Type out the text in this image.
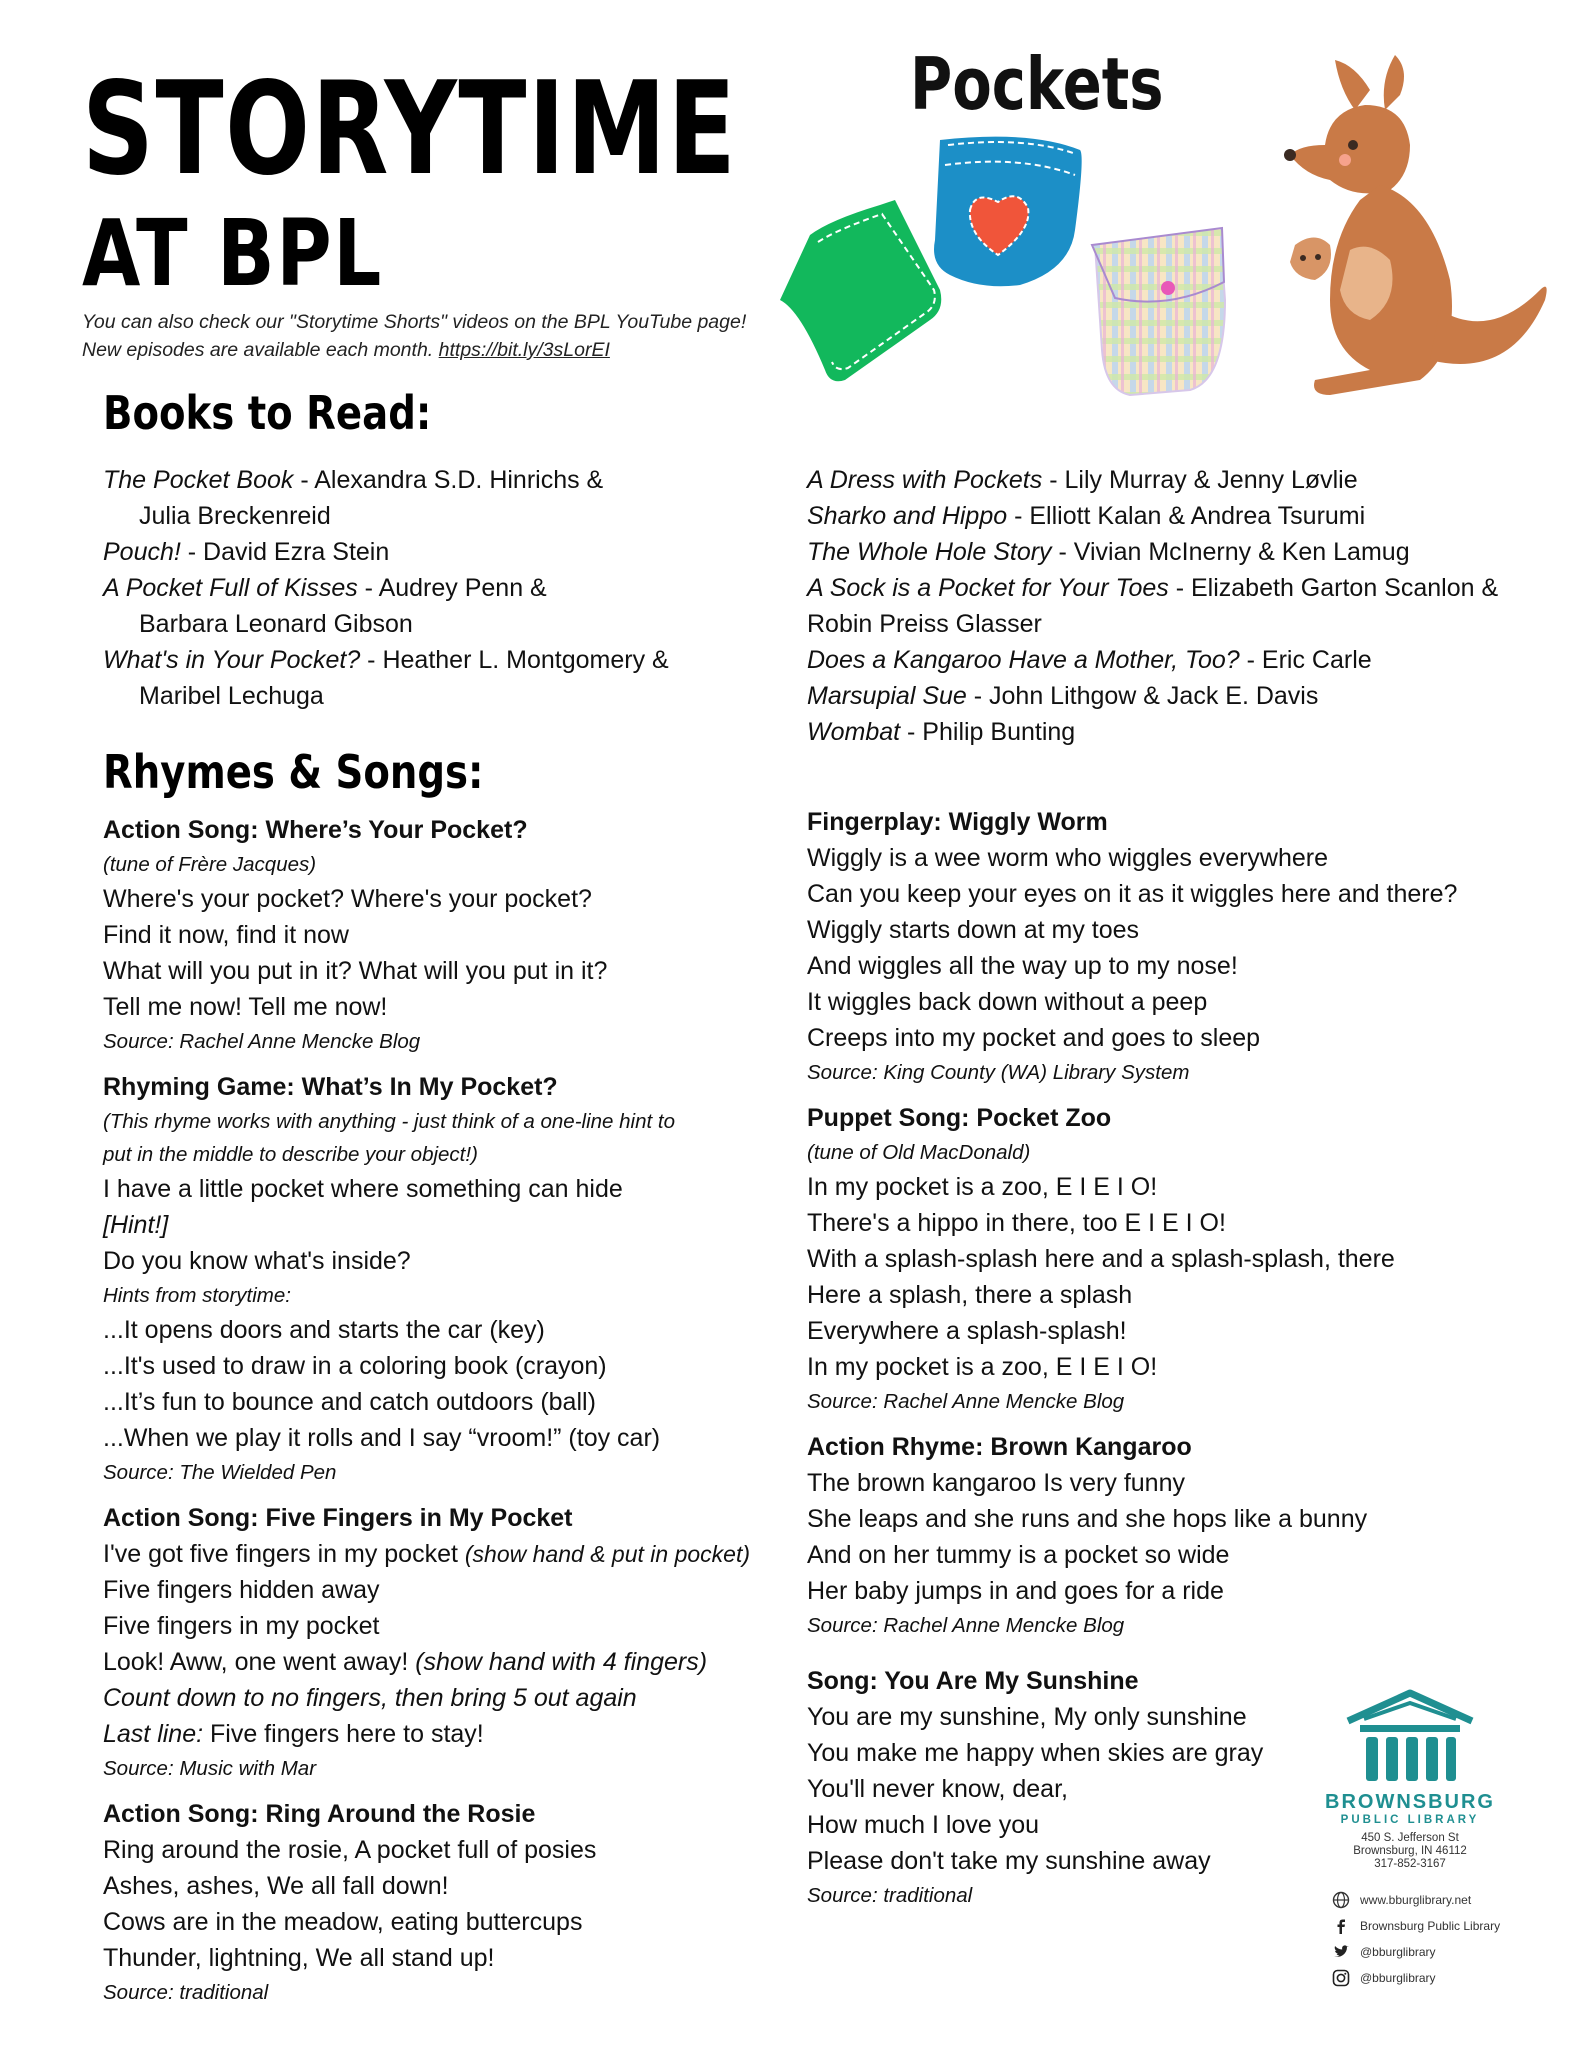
STORYTIME
AT BPL
Pockets
You can also check our "Storytime Shorts" videos on the BPL YouTube page! New episodes are available each month. https://bit.ly/3sLorEI
Books to Read:

The Pocket Book - Alexandra S.D. Hinrichs &
Julia Breckenreid

Pouch! - David Ezra Stein

A Pocket Full of Kisses - Audrey Penn &
Barbara Leonard Gibson

What's in Your Pocket? - Heather L. Montgomery &
Maribel Lechuga

A Dress with Pockets - Lily Murray & Jenny Løvlie

Sharko and Hippo - Elliott Kalan & Andrea Tsurumi

The Whole Hole Story - Vivian McInerny & Ken Lamug

A Sock is a Pocket for Your Toes - Elizabeth Garton Scanlon &
Robin Preiss Glasser

Does a Kangaroo Have a Mother, Too? - Eric Carle

Marsupial Sue - John Lithgow & Jack E. Davis

Wombat - Philip Bunting

Rhymes & Songs:
Action Song: Where’s Your Pocket?
(tune of Frère Jacques)
Where's your pocket? Where's your pocket?
Find it now, find it now
What will you put in it? What will you put in it?
Tell me now! Tell me now!
Source: Rachel Anne Mencke Blog
Rhyming Game: What’s In My Pocket?
(This rhyme works with anything - just think of a one-line hint to
put in the middle to describe your object!)
I have a little pocket where something can hide
[Hint!]
Do you know what's inside?
Hints from storytime:
...It opens doors and starts the car (key)
...It's used to draw in a coloring book (crayon)
...It’s fun to bounce and catch outdoors (ball)
...When we play it rolls and I say “vroom!” (toy car)
Source: The Wielded Pen
Action Song: Five Fingers in My Pocket
I've got five fingers in my pocket (show hand & put in pocket)
Five fingers hidden away
Five fingers in my pocket
Look! Aww, one went away! (show hand with 4 fingers)
Count down to no fingers, then bring 5 out again
Last line: Five fingers here to stay!
Source: Music with Mar
Action Song: Ring Around the Rosie
Ring around the rosie, A pocket full of posies
Ashes, ashes, We all fall down!
Cows are in the meadow, eating buttercups
Thunder, lightning, We all stand up!
Source: traditional
Fingerplay: Wiggly Worm
Wiggly is a wee worm who wiggles everywhere
Can you keep your eyes on it as it wiggles here and there?
Wiggly starts down at my toes
And wiggles all the way up to my nose!
It wiggles back down without a peep
Creeps into my pocket and goes to sleep
Source: King County (WA) Library System
Puppet Song: Pocket Zoo
(tune of Old MacDonald)
In my pocket is a zoo, E I E I O!
There's a hippo in there, too E I E I O!
With a splash-splash here and a splash-splash, there
Here a splash, there a splash
Everywhere a splash-splash!
In my pocket is a zoo, E I E I O!
Source: Rachel Anne Mencke Blog
Action Rhyme: Brown Kangaroo
The brown kangaroo Is very funny
She leaps and she runs and she hops like a bunny
And on her tummy is a pocket so wide
Her baby jumps in and goes for a ride
Source: Rachel Anne Mencke Blog
Song: You Are My Sunshine
You are my sunshine, My only sunshine
You make me happy when skies are gray
You'll never know, dear,
How much I love you
Please don't take my sunshine away
Source: traditional
BROWNSBURG
PUBLIC LIBRARY
450 S. Jefferson St
Brownsburg, IN 46112
317-852-3167
www.bburglibrary.net
Brownsburg Public Library
@bburglibrary
@bburglibrary
